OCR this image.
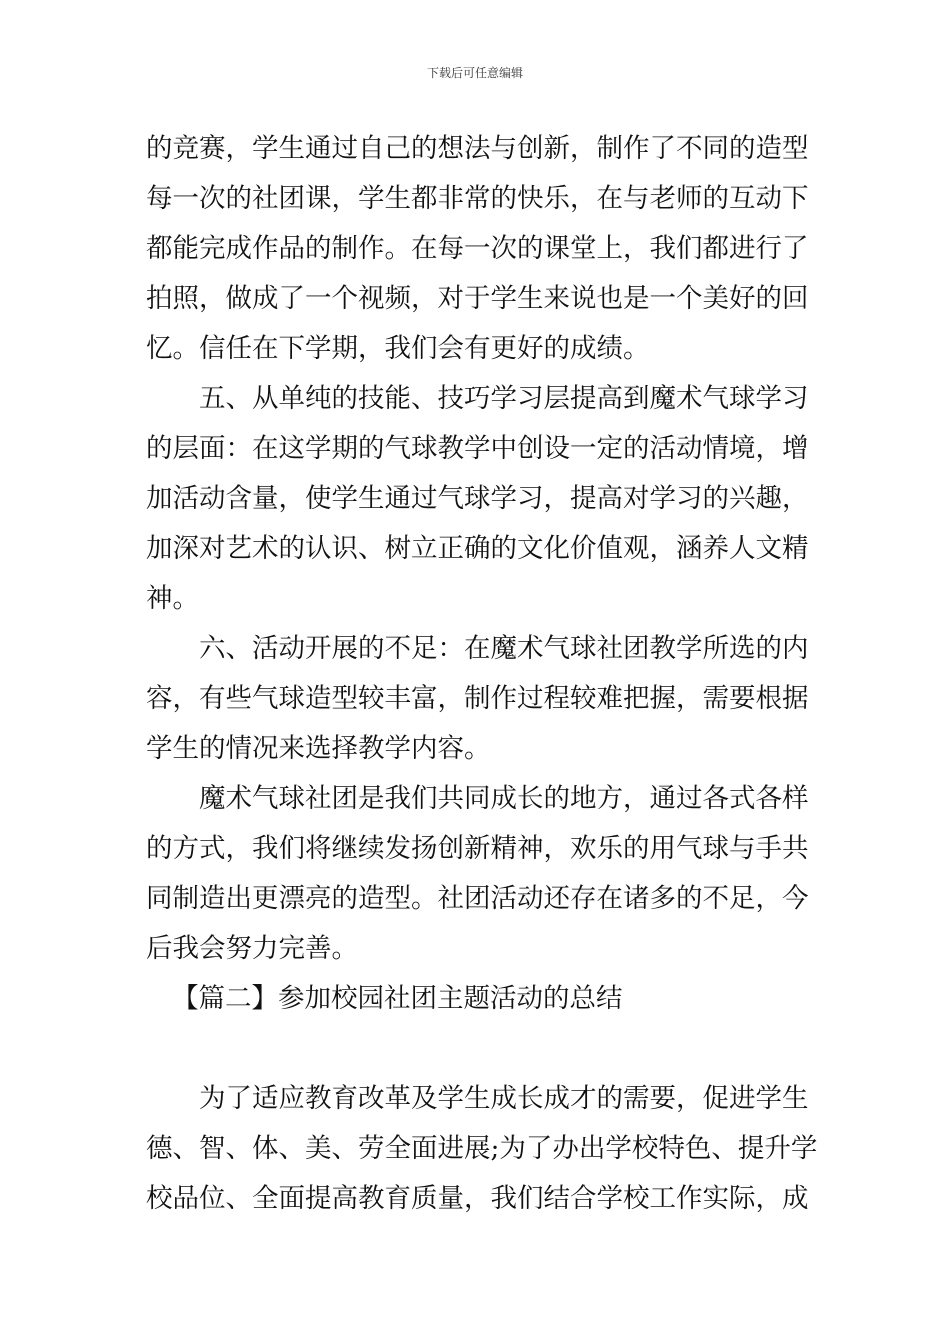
下载后可任意编辑
的竞赛，学生通过自己的想法与创新，制作了不同的造型
每一次的社团课，学生都非常的快乐，在与老师的互动下
都能完成作品的制作。在每一次的课堂上，我们都进行了
拍照，做成了一个视频，对于学生来说也是一个美好的回
忆。信任在下学期，我们会有更好的成绩。
五、从单纯的技能、技巧学习层提高到魔术气球学习
的层面：在这学期的气球教学中创设一定的活动情境，增
加活动含量，使学生通过气球学习，提高对学习的兴趣，
加深对艺术的认识、树立正确的文化价值观，涵养人文精
神。
六、活动开展的不足：在魔术气球社团教学所选的内
容，有些气球造型较丰富，制作过程较难把握，需要根据
学生的情况来选择教学内容。
魔术气球社团是我们共同成长的地方，通过各式各样
的方式，我们将继续发扬创新精神，欢乐的用气球与手共
同制造出更漂亮的造型。社团活动还存在诸多的不足，今
后我会努力完善。
【篇二】参加校园社团主题活动的总结
为了适应教育改革及学生成长成才的需要，促进学生
德、智、体、美、劳全面进展;为了办出学校特色、提升学
校品位、全面提高教育质量，我们结合学校工作实际，成
